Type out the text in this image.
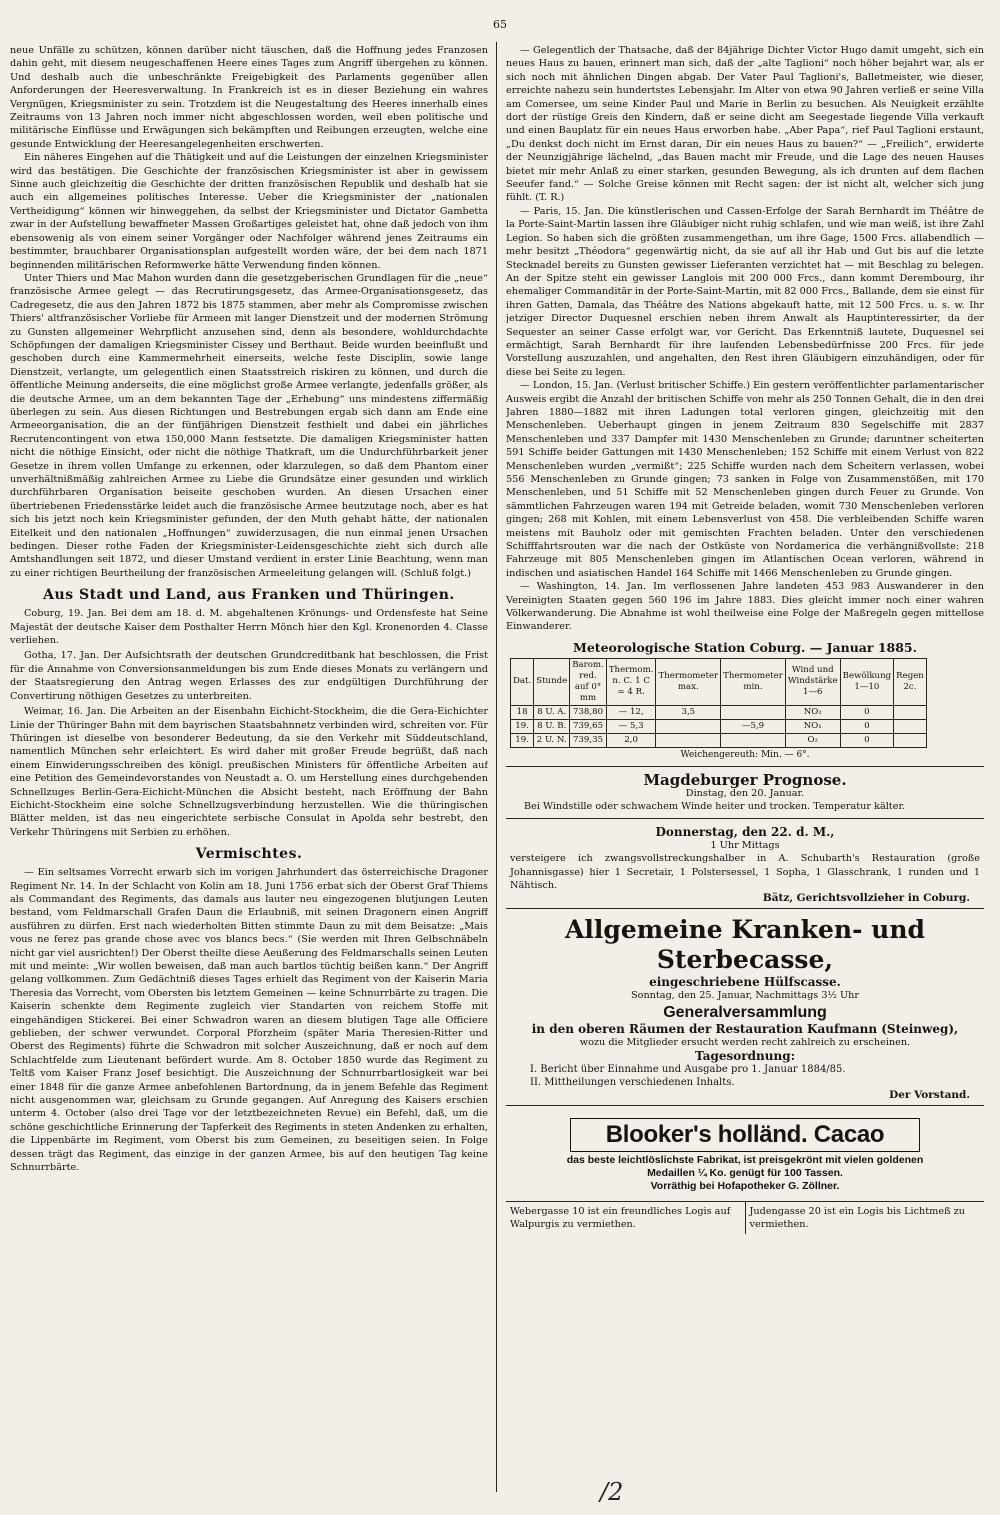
65

neue Unfälle zu schützen, können darüber nicht täuschen, daß die Hoffnung jedes Franzosen dahin geht, mit diesem neugeschaffenen Heere eines Tages zum Angriff übergehen zu können. Und deshalb auch die unbeschränkte Freigebigkeit des Parlaments gegenüber allen Anforderungen der Heeresverwaltung. In Frankreich ist es in dieser Beziehung ein wahres Vergnügen, Kriegsminister zu sein. Trotzdem ist die Neugestaltung des Heeres innerhalb eines Zeitraums von 13 Jahren noch immer nicht abgeschlossen worden, weil eben politische und militärische Einflüsse und Erwägungen sich bekämpften und Reibungen erzeugten, welche eine gesunde Entwicklung der Heeresangelegenheiten erschwerten.

Ein näheres Eingehen auf die Thätigkeit und auf die Leistungen der einzelnen Kriegsminister wird das bestätigen. Die Geschichte der französischen Kriegsminister ist aber in gewissem Sinne auch gleichzeitig die Geschichte der dritten französischen Republik und deshalb hat sie auch ein allgemeines politisches Interesse. Ueber die Kriegsminister der „nationalen Vertheidigung“ können wir hinweggehen, da selbst der Kriegsminister und Dictator Gambetta zwar in der Aufstellung bewaffneter Massen Großartiges geleistet hat, ohne daß jedoch von ihm ebensowenig als von einem seiner Vorgänger oder Nachfolger während jenes Zeitraums ein bestimmter, brauchbarer Organisationsplan aufgestellt worden wäre, der bei dem nach 1871 beginnenden militärischen Reformwerke hätte Verwendung finden können.

Unter Thiers und Mac Mahon wurden dann die gesetzgeberischen Grundlagen für die „neue“ französische Armee gelegt — das Recrutirungsgesetz, das Armee-Organisationsgesetz, das Cadregesetz, die aus den Jahren 1872 bis 1875 stammen, aber mehr als Compromisse zwischen Thiers' altfranzösischer Vorliebe für Armeen mit langer Dienstzeit und der modernen Strömung zu Gunsten allgemeiner Wehrpflicht anzusehen sind, denn als besondere, wohldurchdachte Schöpfungen der damaligen Kriegsminister Cissey und Berthaut. Beide wurden beeinflußt und geschoben durch eine Kammermehrheit einerseits, welche feste Disciplin, sowie lange Dienstzeit, verlangte, um gelegentlich einen Staatsstreich riskiren zu können, und durch die öffentliche Meinung anderseits, die eine möglichst große Armee verlangte, jedenfalls größer, als die deutsche Armee, um an dem bekannten Tage der „Erhebung“ uns mindestens ziffermäßig überlegen zu sein. Aus diesen Richtungen und Bestrebungen ergab sich dann am Ende eine Armeeorganisation, die an der fünfjährigen Dienstzeit festhielt und dabei ein jährliches Recrutencontingent von etwa 150,000 Mann festsetzte. Die damaligen Kriegsminister hatten nicht die nöthige Einsicht, oder nicht die nöthige Thatkraft, um die Undurchführbarkeit jener Gesetze in ihrem vollen Umfange zu erkennen, oder klarzulegen, so daß dem Phantom einer unverhältnißmäßig zahlreichen Armee zu Liebe die Grundsätze einer gesunden und wirklich durchführbaren Organisation beiseite geschoben wurden. An diesen Ursachen einer übertriebenen Friedensstärke leidet auch die französische Armee heutzutage noch, aber es hat sich bis jetzt noch kein Kriegsminister gefunden, der den Muth gehabt hätte, der nationalen Eitelkeit und den nationalen „Hoffnungen“ zuwiderzusagen, die nun einmal jenen Ursachen bedingen. Dieser rothe Faden der Kriegsminister-Leidensgeschichte zieht sich durch alle Amtshandlungen seit 1872, und dieser Umstand verdient in erster Linie Beachtung, wenn man zu einer richtigen Beurtheilung der französischen Armeeleitung gelangen will. (Schluß folgt.)

Aus Stadt und Land, aus Franken und Thüringen.

Coburg, 19. Jan. Bei dem am 18. d. M. abgehaltenen Krönungs- und Ordensfeste hat Seine Majestät der deutsche Kaiser dem Posthalter Herrn Mönch hier den Kgl. Kronenorden 4. Classe verliehen.

Gotha, 17. Jan. Der Aufsichtsrath der deutschen Grundcreditbank hat beschlossen, die Frist für die Annahme von Conversionsanmeldungen bis zum Ende dieses Monats zu verlängern und der Staatsregierung den Antrag wegen Erlasses des zur endgültigen Durchführung der Convertirung nöthigen Gesetzes zu unterbreiten.

Weimar, 16. Jan. Die Arbeiten an der Eisenbahn Eichicht-Stockheim, die die Gera-Eichichter Linie der Thüringer Bahn mit dem bayrischen Staatsbahnnetz verbinden wird, schreiten vor. Für Thüringen ist dieselbe von besonderer Bedeutung, da sie den Verkehr mit Süddeutschland, namentlich München sehr erleichtert. Es wird daher mit großer Freude begrüßt, daß nach einem Einwiderungsschreiben des königl. preußischen Ministers für öffentliche Arbeiten auf eine Petition des Gemeindevorstandes von Neustadt a. O. um Herstellung eines durchgehenden Schnellzuges Berlin-Gera-Eichicht-München die Absicht besteht, nach Eröffnung der Bahn Eichicht-Stockheim eine solche Schnellzugsverbindung herzustellen. Wie die thüringischen Blätter melden, ist das neu eingerichtete serbische Consulat in Apolda sehr bestrebt, den Verkehr Thüringens mit Serbien zu erhöhen.

Vermischtes.

— Ein seltsames Vorrecht erwarb sich im vorigen Jahrhundert das österreichische Dragoner Regiment Nr. 14. In der Schlacht von Kolin am 18. Juni 1756 erbat sich der Oberst Graf Thiems als Commandant des Regiments, das damals aus lauter neu eingezogenen blutjungen Leuten bestand, vom Feldmarschall Grafen Daun die Erlaubniß, mit seinen Dragonern einen Angriff ausführen zu dürfen. Erst nach wiederholten Bitten stimmte Daun zu mit dem Beisatze: „Mais vous ne ferez pas grande chose avec vos blancs becs.“ (Sie werden mit Ihren Gelbschnäbeln nicht gar viel ausrichten!) Der Oberst theilte diese Aeußerung des Feldmarschalls seinen Leuten mit und meinte: „Wir wollen beweisen, daß man auch bartlos tüchtig beißen kann.“ Der Angriff gelang vollkommen. Zum Gedächtniß dieses Tages erhielt das Regiment von der Kaiserin Maria Theresia das Vorrecht, vom Obersten bis letztem Gemeinen — keine Schnurrbärte zu tragen. Die Kaiserin schenkte dem Regimente zugleich vier Standarten von reichem Stoffe mit eingehändigen Stickerei. Bei einer Schwadron waren an diesem blutigen Tage alle Officiere geblieben, der schwer verwundet. Corporal Pforzheim (später Maria Theresien-Ritter und Oberst des Regiments) führte die Schwadron mit solcher Auszeichnung, daß er noch auf dem Schlachtfelde zum Lieutenant befördert wurde. Am 8. October 1850 wurde das Regiment zu Teltß vom Kaiser Franz Josef besichtigt. Die Auszeichnung der Schnurrbartlosigkeit war bei einer 1848 für die ganze Armee anbefohlenen Bartordnung, da in jenem Befehle das Regiment nicht ausgenommen war, gleichsam zu Grunde gegangen. Auf Anregung des Kaisers erschien unterm 4. October (also drei Tage vor der letztbezeichneten Revue) ein Befehl, daß, um die schöne geschichtliche Erinnerung der Tapferkeit des Regiments in steten Andenken zu erhalten, die Lippenbärte im Regiment, vom Oberst bis zum Gemeinen, zu beseitigen seien. In Folge dessen trägt das Regiment, das einzige in der ganzen Armee, bis auf den heutigen Tag keine Schnurrbärte.

— Gelegentlich der Thatsache, daß der 84jährige Dichter Victor Hugo damit umgeht, sich ein neues Haus zu bauen, erinnert man sich, daß der „alte Taglioni“ noch höher bejahrt war, als er sich noch mit ähnlichen Dingen abgab. Der Vater Paul Taglioni's, Balletmeister, wie dieser, erreichte nahezu sein hundertstes Lebensjahr. Im Alter von etwa 90 Jahren verließ er seine Villa am Comersee, um seine Kinder Paul und Marie in Berlin zu besuchen. Als Neuigkeit erzählte dort der rüstige Greis den Kindern, daß er seine dicht am Seegestade liegende Villa verkauft und einen Bauplatz für ein neues Haus erworben habe. „Aber Papa“, rief Paul Taglioni erstaunt, „Du denkst doch nicht im Ernst daran, Dir ein neues Haus zu bauen?“ — „Freilich“, erwiderte der Neunzigjährige lächelnd, „das Bauen macht mir Freude, und die Lage des neuen Hauses bietet mir mehr Anlaß zu einer starken, gesunden Bewegung, als ich drunten auf dem flachen Seeufer fand.“ — Solche Greise können mit Recht sagen: der ist nicht alt, welcher sich jung fühlt. (T. R.)

— Paris, 15. Jan. Die künstlerischen und Cassen-Erfolge der Sarah Bernhardt im Théâtre de la Porte-Saint-Martin lassen ihre Gläubiger nicht ruhig schlafen, und wie man weiß, ist ihre Zahl Legion. So haben sich die größten zusammengethan, um ihre Gage, 1500 Frcs. allabendlich — mehr besitzt „Théodora“ gegenwärtig nicht, da sie auf all ihr Hab und Gut bis auf die letzte Stecknadel bereits zu Gunsten gewisser Lieferanten verzichtet hat — mit Beschlag zu belegen. An der Spitze steht ein gewisser Langlois mit 200 000 Frcs., dann kommt Derembourg, ihr ehemaliger Commanditär in der Porte-Saint-Martin, mit 82 000 Frcs., Ballande, dem sie einst für ihren Gatten, Damala, das Théâtre des Nations abgekauft hatte, mit 12 500 Frcs. u. s. w. Ihr jetziger Director Duquesnel erschien neben ihrem Anwalt als Hauptinteressirter, da der Sequester an seiner Casse erfolgt war, vor Gericht. Das Erkenntniß lautete, Duquesnel sei ermächtigt, Sarah Bernhardt für ihre laufenden Lebensbedürfnisse 200 Frcs. für jede Vorstellung auszuzahlen, und angehalten, den Rest ihren Gläubigern einzuhändigen, oder für diese bei Seite zu legen.

— London, 15. Jan. (Verlust britischer Schiffe.) Ein gestern veröffentlichter parlamentarischer Ausweis ergibt die Anzahl der britischen Schiffe von mehr als 250 Tonnen Gehalt, die in den drei Jahren 1880—1882 mit ihren Ladungen total verloren gingen, gleichzeitig mit den Menschenleben. Ueberhaupt gingen in jenem Zeitraum 830 Segelschiffe mit 2837 Menschenleben und 337 Dampfer mit 1430 Menschenleben zu Grunde; daruntner scheiterten 591 Schiffe beider Gattungen mit 1430 Menschenleben; 152 Schiffe mit einem Verlust von 822 Menschenleben wurden „vermißt“; 225 Schiffe wurden nach dem Scheitern verlassen, wobei 556 Menschenleben zu Grunde gingen; 73 sanken in Folge von Zusammenstößen, mit 170 Menschenleben, und 51 Schiffe mit 52 Menschenleben gingen durch Feuer zu Grunde. Von sämmtlichen Fahrzeugen waren 194 mit Getreide beladen, womit 730 Menschenleben verloren gingen; 268 mit Kohlen, mit einem Lebensverlust von 458. Die verbleibenden Schiffe waren meistens mit Bauholz oder mit gemischten Frachten beladen. Unter den verschiedenen Schifffahrtsrouten war die nach der Ostküste von Nordamerica die verhängnißvollste: 218 Fahrzeuge mit 805 Menschenleben gingen im Atlantischen Ocean verloren, während in indischen und asiatischen Handel 164 Schiffe mit 1466 Menschenleben zu Grunde gingen.

— Washington, 14. Jan. Im verflossenen Jahre landeten 453 983 Auswanderer in den Vereinigten Staaten gegen 560 196 im Jahre 1883. Dies gleicht immer noch einer wahren Völkerwanderung. Die Abnahme ist wohl theilweise eine Folge der Maßregeln gegen mittellose Einwanderer.

Meteorologische Station Coburg. — Januar 1885.
Dat.	Stunde	Barom. red. auf 0° mm	Thermom. n. C. 1 C = 4 R.	Thermometer max.	Thermometer min.	Wind und Windstärke 1—6	Bewölkung 1—10	Regen 2c.
18	8 U. A.	738,80	— 12,	3,5		NO₂	0	
19.	8 U. B.	739,65	— 5,3		—5,9	NO₁	0	
19.	2 U. N.	739,35	2,0			O₂	0	
Weichengereuth: Min. — 6°.
Magdeburger Prognose.

Dinstag, den 20. Januar.

Bei Windstille oder schwachem Winde heiter und trocken. Temperatur kälter.

Donnerstag, den 22. d. M.,

1 Uhr Mittags

versteigere ich zwangsvollstreckungshalber in A. Schubarth's Restauration (große Johannisgasse) hier 1 Secretair, 1 Polstersessel, 1 Sopha, 1 Glasschrank, 1 runden und 1 Nähtisch.

Bätz, Gerichtsvollzieher in Coburg.
Allgemeine Kranken- und Sterbecasse,
eingeschriebene Hülfscasse.

Sonntag, den 25. Januar, Nachmittags 3½ Uhr

Generalversammlung
in den oberen Räumen der Restauration Kaufmann (Steinweg),

wozu die Mitglieder ersucht werden recht zahlreich zu erscheinen.

Tagesordnung:
I. Bericht über Einnahme und Ausgabe pro 1. Januar 1884/85.
II. Mittheilungen verschiedenen Inhalts.
Der Vorstand.
Blooker's holländ. Cacao
das beste leichtlöslichste Fabrikat, ist preisgekrönt mit vielen goldenen
Medaillen ¼ Ko. genügt für 100 Tassen.
Vorräthig bei Hofapotheker G. Zöllner.
Webergasse 10 ist ein freundliches Logis auf Walpurgis zu vermiethen.
Judengasse 20 ist ein Logis bis Lichtmeß zu vermiethen.
/2
